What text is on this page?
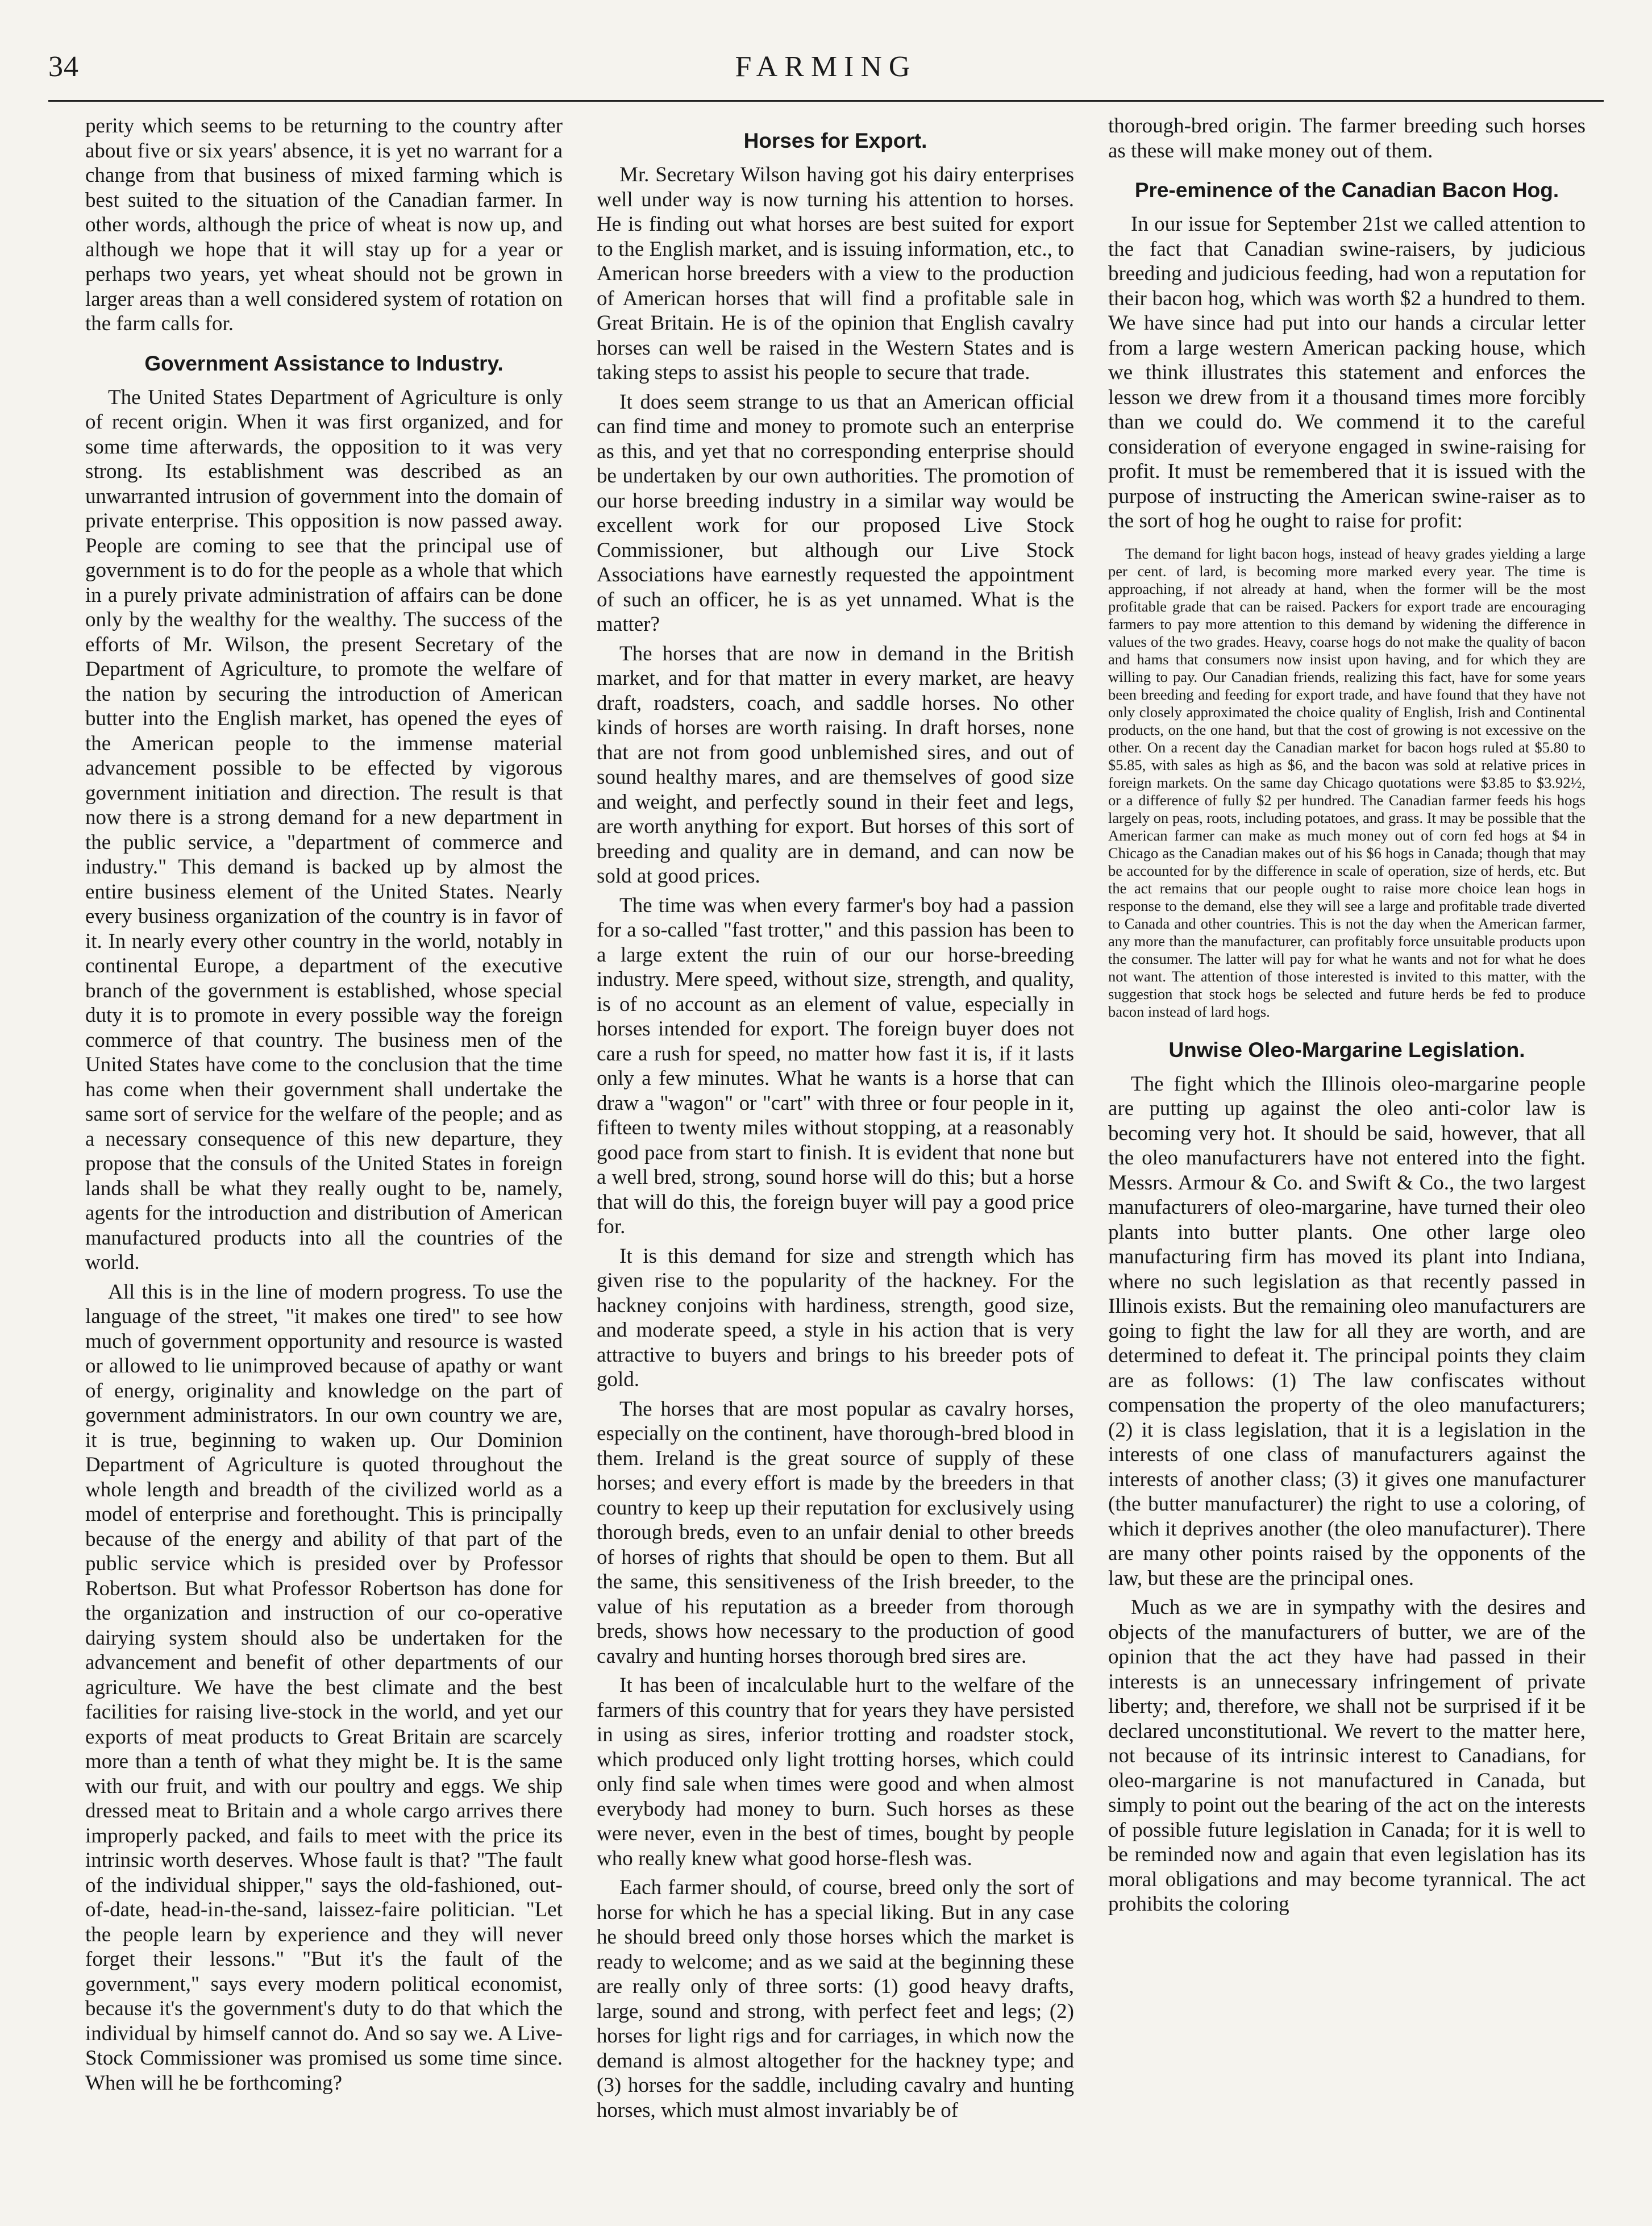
34	FARMING

perity which seems to be returning to the country after about five or six years' absence, it is yet no warrant for a change from that business of mixed farming which is best suited to the situation of the Canadian farmer. In other words, although the price of wheat is now up, and although we hope that it will stay up for a year or perhaps two years, yet wheat should not be grown in larger areas than a well considered system of rotation on the farm calls for.

Government Assistance to Industry.

The United States Department of Agriculture is only of recent origin. When it was first organized, and for some time afterwards, the opposition to it was very strong. Its establishment was described as an unwarranted intrusion of government into the domain of private enterprise. This opposition is now passed away. People are coming to see that the principal use of government is to do for the people as a whole that which in a purely private administration of affairs can be done only by the wealthy for the wealthy. The success of the efforts of Mr. Wilson, the present Secretary of the Department of Agriculture, to promote the welfare of the nation by securing the introduction of American butter into the English market, has opened the eyes of the American people to the immense material advancement possible to be effected by vigorous government initiation and direction. The result is that now there is a strong demand for a new department in the public service, a "department of commerce and industry." This demand is backed up by almost the entire business element of the United States. Nearly every business organization of the country is in favor of it. In nearly every other country in the world, notably in continental Europe, a department of the executive branch of the government is established, whose special duty it is to promote in every possible way the foreign commerce of that country. The business men of the United States have come to the conclusion that the time has come when their government shall undertake the same sort of service for the welfare of the people; and as a necessary consequence of this new departure, they propose that the consuls of the United States in foreign lands shall be what they really ought to be, namely, agents for the introduction and distribution of American manufactured products into all the countries of the world.

All this is in the line of modern progress. To use the language of the street, "it makes one tired" to see how much of government opportunity and resource is wasted or allowed to lie unimproved because of apathy or want of energy, originality and knowledge on the part of government administrators. In our own country we are, it is true, beginning to waken up. Our Dominion Department of Agriculture is quoted throughout the whole length and breadth of the civilized world as a model of enterprise and forethought. This is principally because of the energy and ability of that part of the public service which is presided over by Professor Robertson. But what Professor Robertson has done for the organization and instruction of our co-operative dairying system should also be undertaken for the advancement and benefit of other departments of our agriculture. We have the best climate and the best facilities for raising live-stock in the world, and yet our exports of meat products to Great Britain are scarcely more than a tenth of what they might be. It is the same with our fruit, and with our poultry and eggs. We ship dressed meat to Britain and a whole cargo arrives there improperly packed, and fails to meet with the price its intrinsic worth deserves. Whose fault is that? "The fault of the individual shipper," says the old-fashioned, out-of-date, head-in-the-sand, laissez-faire politician. "Let the people learn by experience and they will never forget their lessons." "But it's the fault of the government," says every modern political economist, because it's the government's duty to do that which the individual by himself cannot do. And so say we. A Live-Stock Commissioner was promised us some time since. When will he be forthcoming?

Horses for Export.

Mr. Secretary Wilson having got his dairy enterprises well under way is now turning his attention to horses. He is finding out what horses are best suited for export to the English market, and is issuing information, etc., to American horse breeders with a view to the production of American horses that will find a profitable sale in Great Britain. He is of the opinion that English cavalry horses can well be raised in the Western States and is taking steps to assist his people to secure that trade.

It does seem strange to us that an American official can find time and money to promote such an enterprise as this, and yet that no corresponding enterprise should be undertaken by our own authorities. The promotion of our horse breeding industry in a similar way would be excellent work for our proposed Live Stock Commissioner, but although our Live Stock Associations have earnestly requested the appointment of such an officer, he is as yet unnamed. What is the matter?

The horses that are now in demand in the British market, and for that matter in every market, are heavy draft, roadsters, coach, and saddle horses. No other kinds of horses are worth raising. In draft horses, none that are not from good unblemished sires, and out of sound healthy mares, and are themselves of good size and weight, and perfectly sound in their feet and legs, are worth anything for export. But horses of this sort of breeding and quality are in demand, and can now be sold at good prices.

The time was when every farmer's boy had a passion for a so-called "fast trotter," and this passion has been to a large extent the ruin of our our horse-breeding industry. Mere speed, without size, strength, and quality, is of no account as an element of value, especially in horses intended for export. The foreign buyer does not care a rush for speed, no matter how fast it is, if it lasts only a few minutes. What he wants is a horse that can draw a "wagon" or "cart" with three or four people in it, fifteen to twenty miles without stopping, at a reasonably good pace from start to finish. It is evident that none but a well bred, strong, sound horse will do this; but a horse that will do this, the foreign buyer will pay a good price for.

It is this demand for size and strength which has given rise to the popularity of the hackney. For the hackney conjoins with hardiness, strength, good size, and moderate speed, a style in his action that is very attractive to buyers and brings to his breeder pots of gold.

The horses that are most popular as cavalry horses, especially on the continent, have thorough-bred blood in them. Ireland is the great source of supply of these horses; and every effort is made by the breeders in that country to keep up their reputation for exclusively using thorough breds, even to an unfair denial to other breeds of horses of rights that should be open to them. But all the same, this sensitiveness of the Irish breeder, to the value of his reputation as a breeder from thorough breds, shows how necessary to the production of good cavalry and hunting horses thorough bred sires are.

It has been of incalculable hurt to the welfare of the farmers of this country that for years they have persisted in using as sires, inferior trotting and roadster stock, which produced only light trotting horses, which could only find sale when times were good and when almost everybody had money to burn. Such horses as these were never, even in the best of times, bought by people who really knew what good horse-flesh was.

Each farmer should, of course, breed only the sort of horse for which he has a special liking. But in any case he should breed only those horses which the market is ready to welcome; and as we said at the beginning these are really only of three sorts: (1) good heavy drafts, large, sound and strong, with perfect feet and legs; (2) horses for light rigs and for carriages, in which now the demand is almost altogether for the hackney type; and (3) horses for the saddle, including cavalry and hunting horses, which must almost invariably be of

thorough-bred origin. The farmer breeding such horses as these will make money out of them.

Pre-eminence of the Canadian Bacon Hog.

In our issue for September 21st we called attention to the fact that Canadian swine-raisers, by judicious breeding and judicious feeding, had won a reputation for their bacon hog, which was worth $2 a hundred to them. We have since had put into our hands a circular letter from a large western American packing house, which we think illustrates this statement and enforces the lesson we drew from it a thousand times more forcibly than we could do. We commend it to the careful consideration of everyone engaged in swine-raising for profit. It must be remembered that it is issued with the purpose of instructing the American swine-raiser as to the sort of hog he ought to raise for profit:

The demand for light bacon hogs, instead of heavy grades yielding a large per cent. of lard, is becoming more marked every year. The time is approaching, if not already at hand, when the former will be the most profitable grade that can be raised. Packers for export trade are encouraging farmers to pay more attention to this demand by widening the difference in values of the two grades. Heavy, coarse hogs do not make the quality of bacon and hams that consumers now insist upon having, and for which they are willing to pay. Our Canadian friends, realizing this fact, have for some years been breeding and feeding for export trade, and have found that they have not only closely approximated the choice quality of English, Irish and Continental products, on the one hand, but that the cost of growing is not excessive on the other. On a recent day the Canadian market for bacon hogs ruled at $5.80 to $5.85, with sales as high as $6, and the bacon was sold at relative prices in foreign markets. On the same day Chicago quotations were $3.85 to $3.92½, or a difference of fully $2 per hundred. The Canadian farmer feeds his hogs largely on peas, roots, including potatoes, and grass. It may be possible that the American farmer can make as much money out of corn fed hogs at $4 in Chicago as the Canadian makes out of his $6 hogs in Canada; though that may be accounted for by the difference in scale of operation, size of herds, etc. But the act remains that our people ought to raise more choice lean hogs in response to the demand, else they will see a large and profitable trade diverted to Canada and other countries. This is not the day when the American farmer, any more than the manufacturer, can profitably force unsuitable products upon the consumer. The latter will pay for what he wants and not for what he does not want. The attention of those interested is invited to this matter, with the suggestion that stock hogs be selected and future herds be fed to produce bacon instead of lard hogs.

Unwise Oleo-Margarine Legislation.

The fight which the Illinois oleo-margarine people are putting up against the oleo anti-color law is becoming very hot. It should be said, however, that all the oleo manufacturers have not entered into the fight. Messrs. Armour & Co. and Swift & Co., the two largest manufacturers of oleo-margarine, have turned their oleo plants into butter plants. One other large oleo manufacturing firm has moved its plant into Indiana, where no such legislation as that recently passed in Illinois exists. But the remaining oleo manufacturers are going to fight the law for all they are worth, and are determined to defeat it. The principal points they claim are as follows: (1) The law confiscates without compensation the property of the oleo manufacturers; (2) it is class legislation, that it is a legislation in the interests of one class of manufacturers against the interests of another class; (3) it gives one manufacturer (the butter manufacturer) the right to use a coloring, of which it deprives another (the oleo manufacturer). There are many other points raised by the opponents of the law, but these are the principal ones.

Much as we are in sympathy with the desires and objects of the manufacturers of butter, we are of the opinion that the act they have had passed in their interests is an unnecessary infringement of private liberty; and, therefore, we shall not be surprised if it be declared unconstitutional. We revert to the matter here, not because of its intrinsic interest to Canadians, for oleo-margarine is not manufactured in Canada, but simply to point out the bearing of the act on the interests of possible future legislation in Canada; for it is well to be reminded now and again that even legislation has its moral obligations and may become tyrannical. The act prohibits the coloring
